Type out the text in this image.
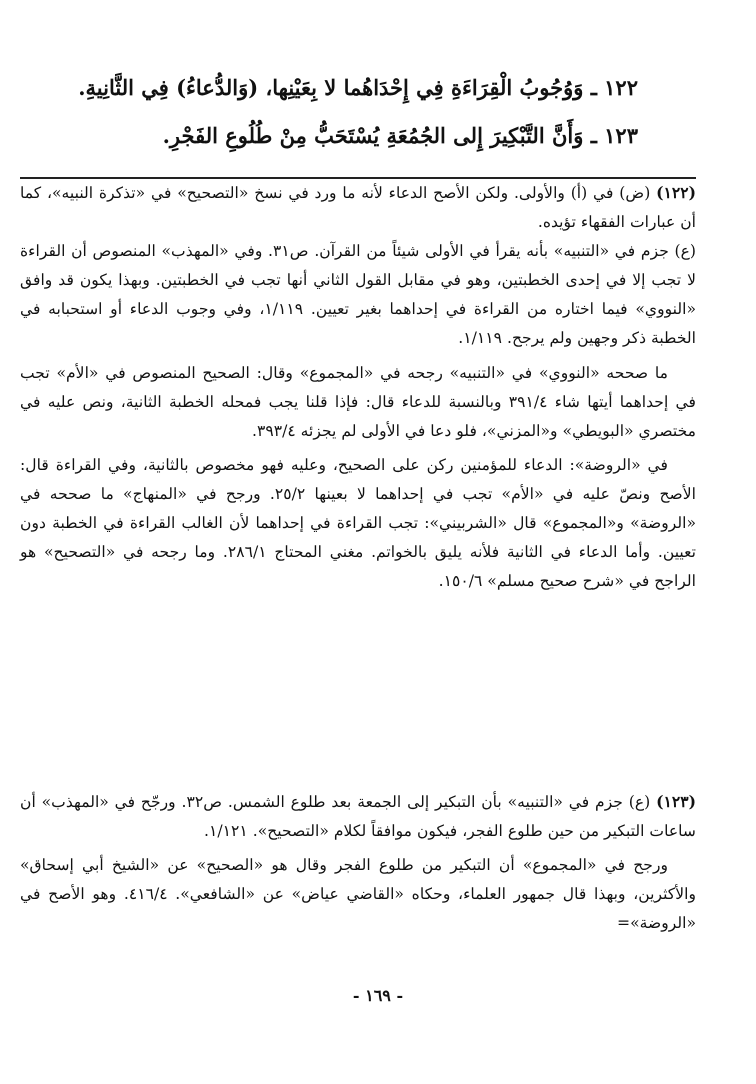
١٢٢ ـ وَوُجُوبُ الْقِرَاءَةِ فِي إِحْدَاهُما لا بِعَيْنِها، (وَالدُّعاءُ) فِي الثَّانِيةِ.
١٢٣ ـ وَأَنَّ التَّبْكِيرَ إِلى الجُمُعَةِ يُسْتَحَبُّ مِنْ طُلُوعِ الفَجْرِ.

(١٢٢) (ض) في (أ) والأولى. ولكن الأصح الدعاء لأنه ما ورد في نسخ «التصحيح» في «تذكرة النبيه»، كما أن عبارات الفقهاء تؤيده.

(ع) جزم في «التنبيه» بأنه يقرأ في الأولى شيئاً من القرآن. ص٣١. وفي «المهذب» المنصوص أن القراءة لا تجب إلا في إحدى الخطبتين، وهو في مقابل القول الثاني أنها تجب في الخطبتين. وبهذا يكون قد وافق «النووي» فيما اختاره من القراءة في إحداهما بغير تعيين. ١/١١٩، وفي وجوب الدعاء أو استحبابه في الخطبة ذكر وجهين ولم يرجح. ١/١١٩.

ما صححه «النووي» في «التنبيه» رجحه في «المجموع» وقال: الصحيح المنصوص في «الأم» تجب في إحداهما أيتها شاء ٣٩١/٤ وبالنسبة للدعاء قال: فإذا قلنا يجب فمحله الخطبة الثانية، ونص عليه في مختصري «البويطي» و«المزني»، فلو دعا في الأولى لم يجزئه ٣٩٣/٤.

في «الروضة»: الدعاء للمؤمنين ركن على الصحيح، وعليه فهو مخصوص بالثانية، وفي القراءة قال: الأصح ونصّ عليه في «الأم» تجب في إحداهما لا بعينها ٢٥/٢. ورجح في «المنهاج» ما صححه في «الروضة» و«المجموع» قال «الشربيني»: تجب القراءة في إحداهما لأن الغالب القراءة في الخطبة دون تعيين. وأما الدعاء في الثانية فلأنه يليق بالخواتم. مغني المحتاج ٢٨٦/١. وما رجحه في «التصحيح» هو الراجح في «شرح صحيح مسلم» ١٥٠/٦.

(١٢٣) (ع) جزم في «التنبيه» بأن التبكير إلى الجمعة بعد طلوع الشمس. ص٣٢. ورجّح في «المهذب» أن ساعات التبكير من حين طلوع الفجر، فيكون موافقاً لكلام «التصحيح». ١/١٢١.

ورجح في «المجموع» أن التبكير من طلوع الفجر وقال هو «الصحيح» عن «الشيخ أبي إسحاق» والأكثرين، وبهذا قال جمهور العلماء، وحكاه «القاضي عياض» عن «الشافعي». ٤١٦/٤. وهو الأصح في «الروضة»=

- ١٦٩ -
